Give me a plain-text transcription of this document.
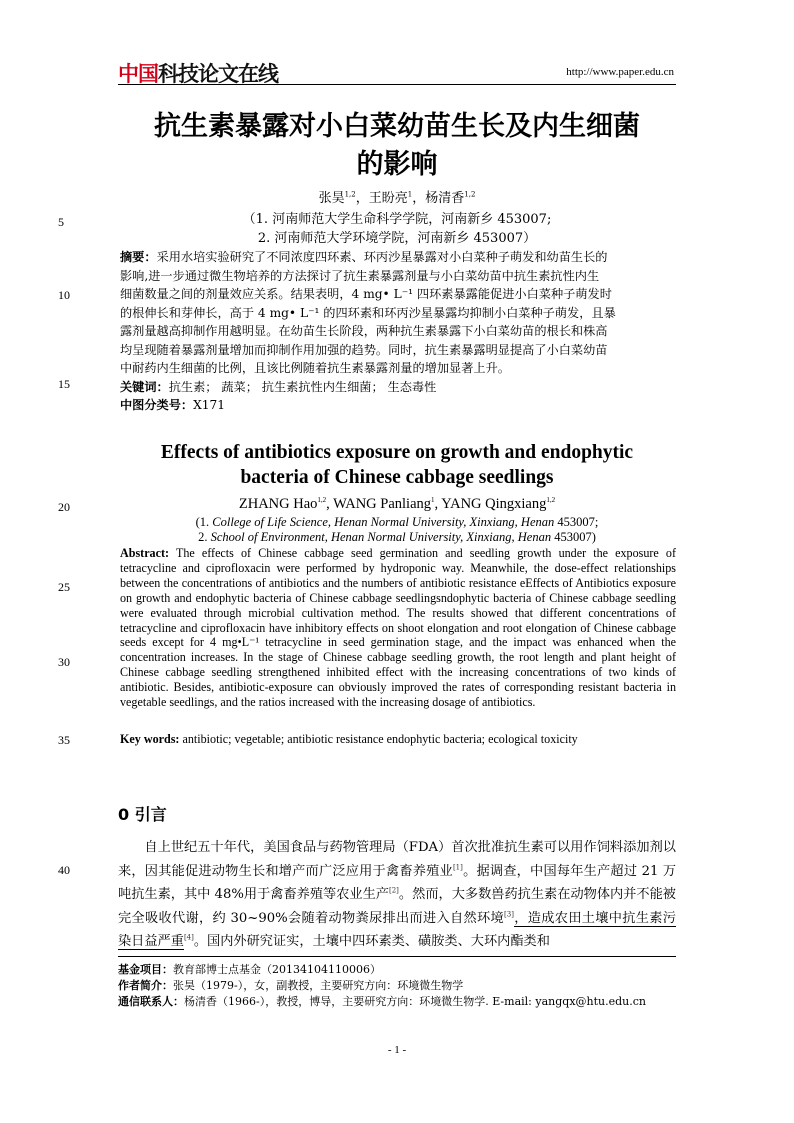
中国科技论文在线	http://www.paper.edu.cn
抗生素暴露对小白菜幼苗生长及内生细菌
的影响
张昊$^{1,2}$，王盼亮$^1$，杨清香$^{1,2}$
（1. 河南师范大学生命科学学院，河南新乡 453007;
2. 河南师范大学环境学院，河南新乡 453007）
5
10
15
20
25
30
35
40
摘要：采用水培实验研究了不同浓度四环素、环丙沙星暴露对小白菜种子萌发和幼苗生长的
影响,进一步通过微生物培养的方法探讨了抗生素暴露剂量与小白菜幼苗中抗生素抗性内生
细菌数量之间的剂量效应关系。结果表明，4 mg• L⁻¹ 四环素暴露能促进小白菜种子萌发时
的根伸长和芽伸长，高于 4 mg• L⁻¹ 的四环素和环丙沙星暴露均抑制小白菜种子萌发，且暴
露剂量越高抑制作用越明显。在幼苗生长阶段，两种抗生素暴露下小白菜幼苗的根长和株高
均呈现随着暴露剂量增加而抑制作用加强的趋势。同时，抗生素暴露明显提高了小白菜幼苗
中耐药内生细菌的比例，且该比例随着抗生素暴露剂量的增加显著上升。
关键词：抗生素； 蔬菜； 抗生素抗性内生细菌； 生态毒性
中图分类号：X171
Effects of antibiotics exposure on growth and endophytic
bacteria of Chinese cabbage seedlings
ZHANG Hao$^{1,2}$, WANG Panliang$^1$, YANG Qingxiang$^{1,2}$
(1. College of Life Science, Henan Normal University, Xinxiang, Henan 453007;
2. School of Environment, Henan Normal University, Xinxiang, Henan 453007)
Abstract: The effects of Chinese cabbage seed germination and seedling growth under the exposure of tetracycline and ciprofloxacin were performed by hydroponic way. Meanwhile, the dose-effect relationships between the concentrations of antibiotics and the numbers of antibiotic resistance eEffects of Antibiotics exposure on growth and endophytic bacteria of Chinese cabbage seedlingsndophytic bacteria of Chinese cabbage seedling were evaluated through microbial cultivation method. The results showed that different concentrations of tetracycline and ciprofloxacin have inhibitory effects on shoot elongation and root elongation of Chinese cabbage seeds except for 4 mg•L⁻¹ tetracycline in seed germination stage, and the impact was enhanced when the concentration increases. In the stage of Chinese cabbage seedling growth, the root length and plant height of Chinese cabbage seedling strengthened inhibited effect with the increasing concentrations of two kinds of antibiotic. Besides, antibiotic-exposure can obviously improved the rates of corresponding resistant bacteria in vegetable seedlings, and the ratios increased with the increasing dosage of antibiotics.
Key words: antibiotic; vegetable; antibiotic resistance endophytic bacteria; ecological toxicity
0 引言
自上世纪五十年代，美国食品与药物管理局（FDA）首次批准抗生素可以用作饲料添加剂以来，因其能促进动物生长和增产而广泛应用于禽畜养殖业[1]。据调查，中国每年生产超过 21 万吨抗生素，其中 48%用于禽畜养殖等农业生产[2]。然而，大多数兽药抗生素在动物体内并不能被完全吸收代谢，约 30~90%会随着动物粪尿排出而进入自然环境[3]，造成农田土壤中抗生素污染日益严重[4]。国内外研究证实，土壤中四环素类、磺胺类、大环内酯类和
基金项目：教育部博士点基金（20134104110006）
作者简介：张昊（1979-），女，副教授，主要研究方向：环境微生物学
通信联系人：杨清香（1966-），教授，博导，主要研究方向：环境微生物学. E-mail: yangqx@htu.edu.cn
- 1 -
